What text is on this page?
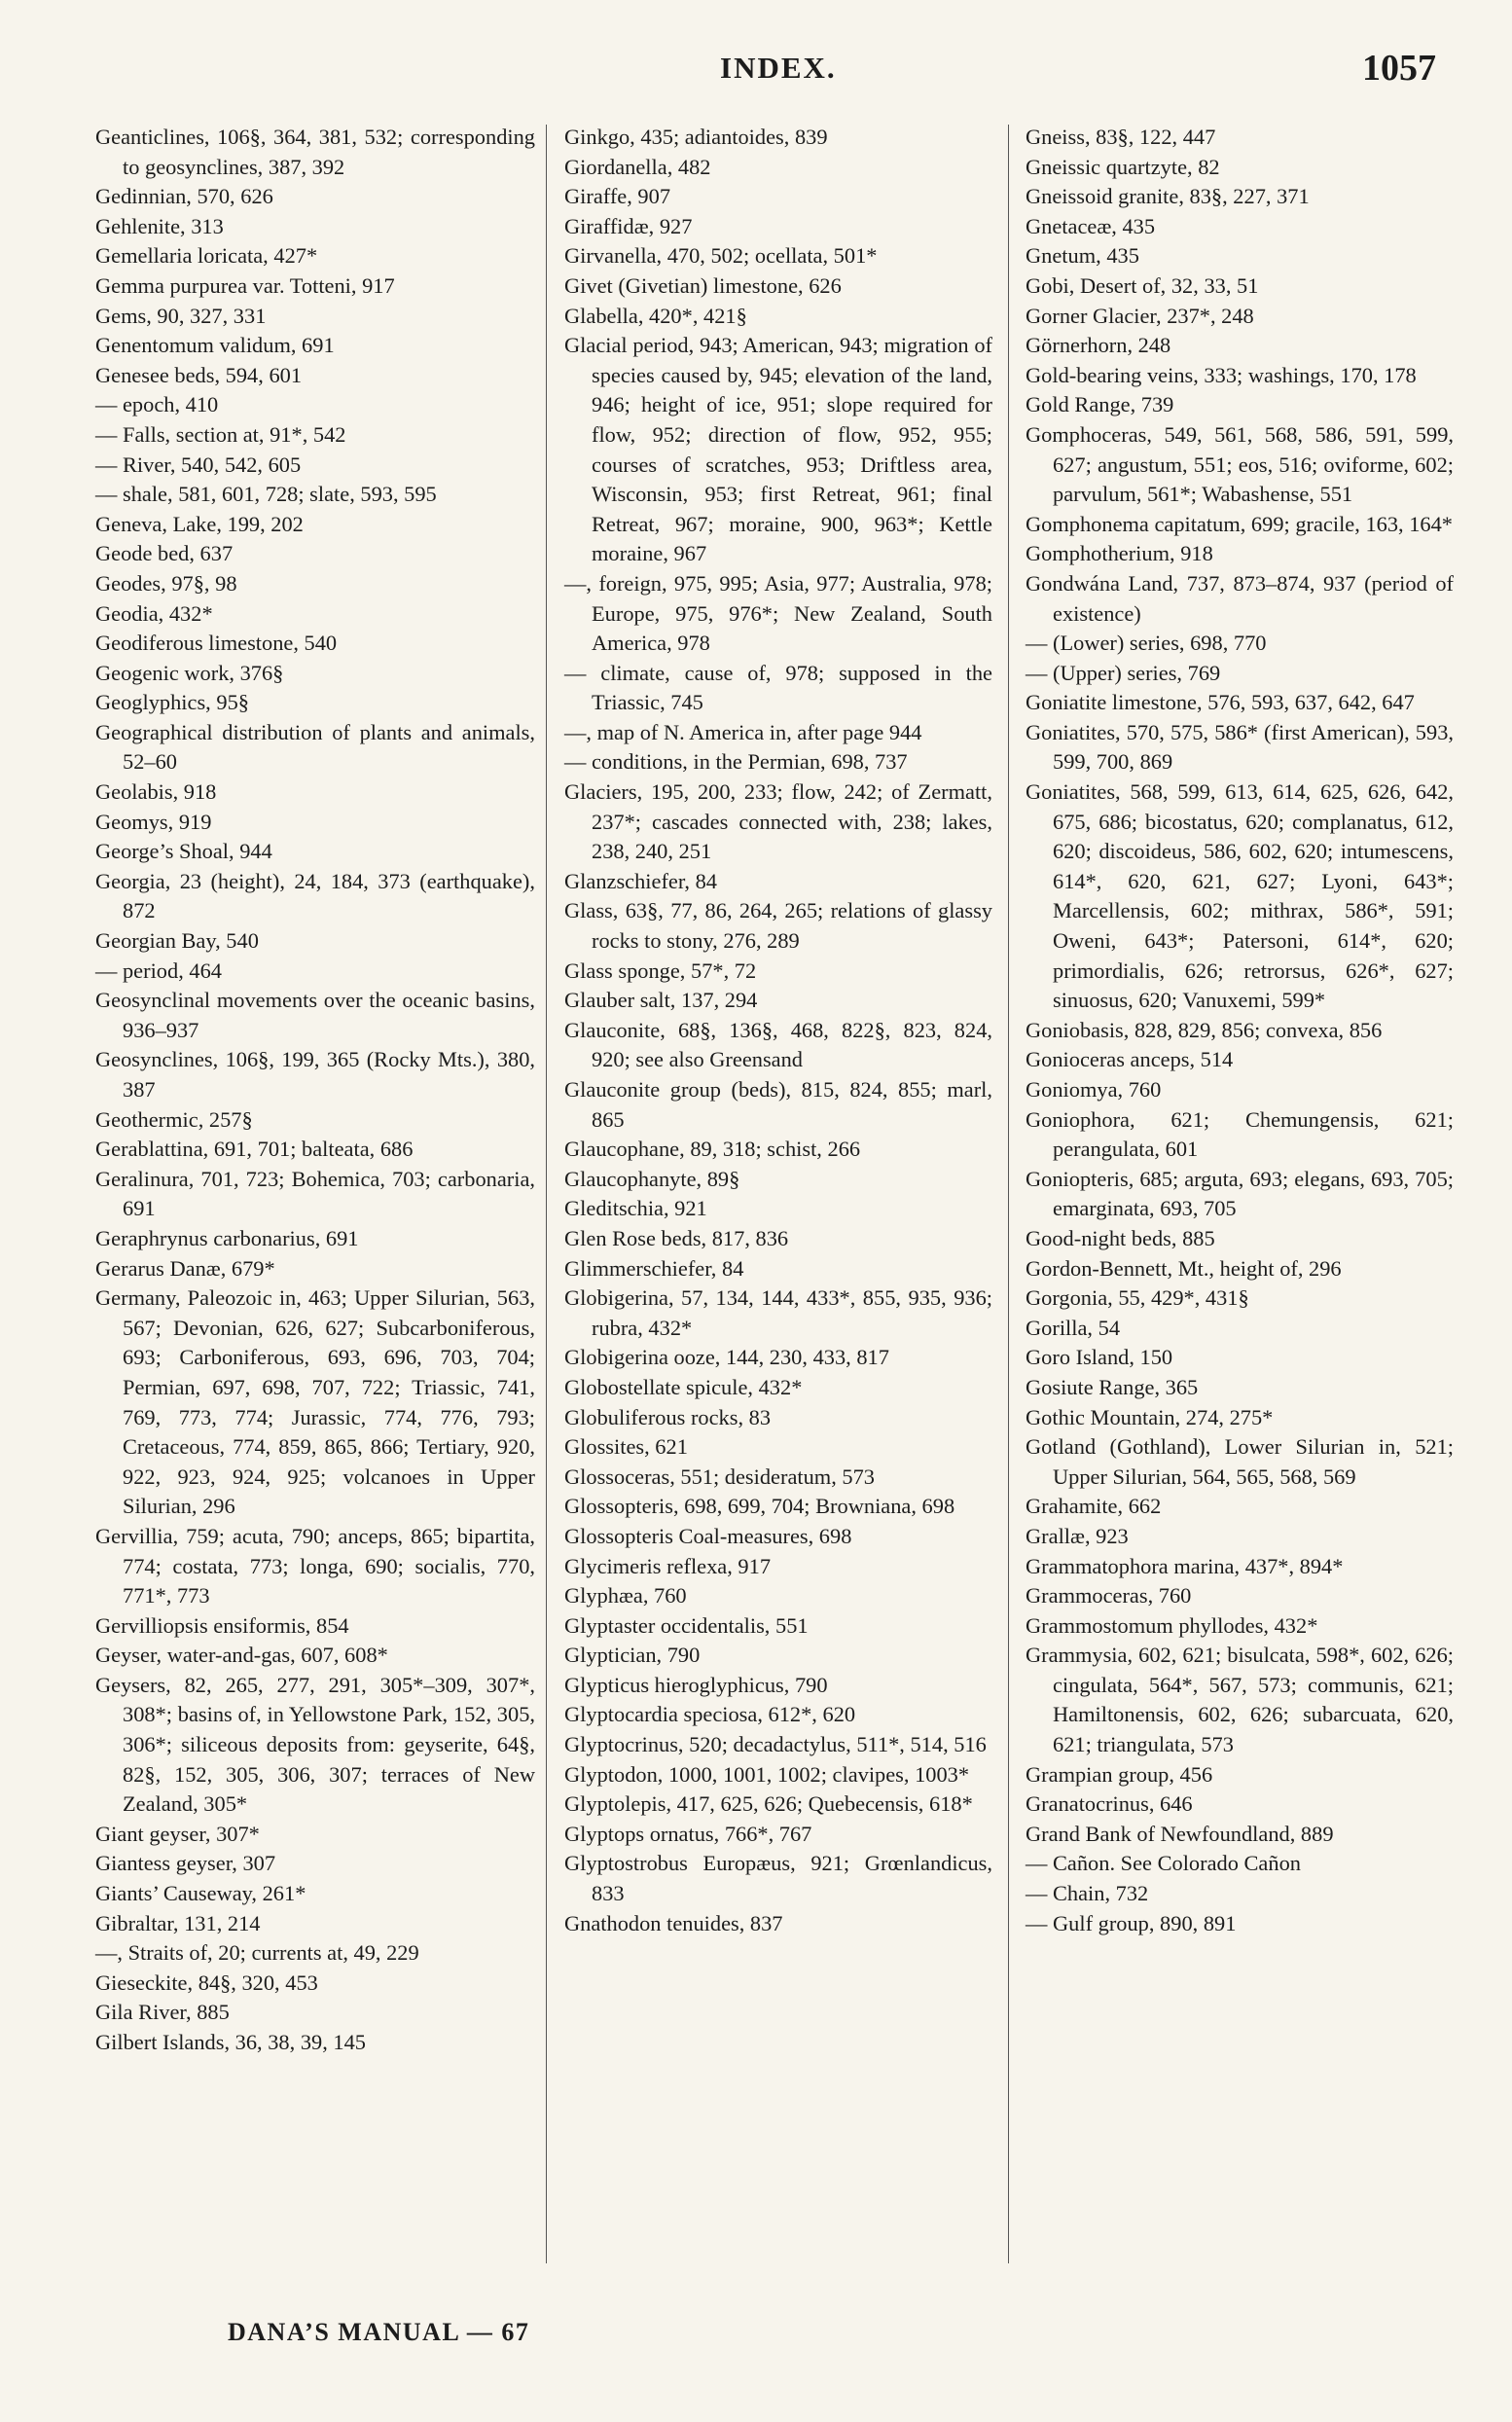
INDEX.	1057

Geanticlines, 106§, 364, 381, 532; corresponding to geosynclines, 387, 392

Gedinnian, 570, 626

Gehlenite, 313

Gemellaria loricata, 427*

Gemma purpurea var. Totteni, 917

Gems, 90, 327, 331

Genentomum validum, 691

Genesee beds, 594, 601

— epoch, 410

— Falls, section at, 91*, 542

— River, 540, 542, 605

— shale, 581, 601, 728; slate, 593, 595

Geneva, Lake, 199, 202

Geode bed, 637

Geodes, 97§, 98

Geodia, 432*

Geodiferous limestone, 540

Geogenic work, 376§

Geoglyphics, 95§

Geographical distribution of plants and animals, 52–60

Geolabis, 918

Geomys, 919

George’s Shoal, 944

Georgia, 23 (height), 24, 184, 373 (earthquake), 872

Georgian Bay, 540

— period, 464

Geosynclinal movements over the oceanic basins, 936–937

Geosynclines, 106§, 199, 365 (Rocky Mts.), 380, 387

Geothermic, 257§

Gerablattina, 691, 701; balteata, 686

Geralinura, 701, 723; Bohemica, 703; carbonaria, 691

Geraphrynus carbonarius, 691

Gerarus Danæ, 679*

Germany, Paleozoic in, 463; Upper Silurian, 563, 567; Devonian, 626, 627; Subcarboniferous, 693; Carboniferous, 693, 696, 703, 704; Permian, 697, 698, 707, 722; Triassic, 741, 769, 773, 774; Jurassic, 774, 776, 793; Cretaceous, 774, 859, 865, 866; Tertiary, 920, 922, 923, 924, 925; volcanoes in Upper Silurian, 296

Gervillia, 759; acuta, 790; anceps, 865; bipartita, 774; costata, 773; longa, 690; socialis, 770, 771*, 773

Gervilliopsis ensiformis, 854

Geyser, water-and-gas, 607, 608*

Geysers, 82, 265, 277, 291, 305*–309, 307*, 308*; basins of, in Yellowstone Park, 152, 305, 306*; siliceous deposits from: geyserite, 64§, 82§, 152, 305, 306, 307; terraces of New Zealand, 305*

Giant geyser, 307*

Giantess geyser, 307

Giants’ Causeway, 261*

Gibraltar, 131, 214

—, Straits of, 20; currents at, 49, 229

Gieseckite, 84§, 320, 453

Gila River, 885

Gilbert Islands, 36, 38, 39, 145

Ginkgo, 435; adiantoides, 839

Giordanella, 482

Giraffe, 907

Giraffidæ, 927

Girvanella, 470, 502; ocellata, 501*

Givet (Givetian) limestone, 626

Glabella, 420*, 421§

Glacial period, 943; American, 943; migration of species caused by, 945; elevation of the land, 946; height of ice, 951; slope required for flow, 952; direction of flow, 952, 955; courses of scratches, 953; Driftless area, Wisconsin, 953; first Retreat, 961; final Retreat, 967; moraine, 900, 963*; Kettle moraine, 967

—, foreign, 975, 995; Asia, 977; Australia, 978; Europe, 975, 976*; New Zealand, South America, 978

— climate, cause of, 978; supposed in the Triassic, 745

—, map of N. America in, after page 944

— conditions, in the Permian, 698, 737

Glaciers, 195, 200, 233; flow, 242; of Zermatt, 237*; cascades connected with, 238; lakes, 238, 240, 251

Glanzschiefer, 84

Glass, 63§, 77, 86, 264, 265; relations of glassy rocks to stony, 276, 289

Glass sponge, 57*, 72

Glauber salt, 137, 294

Glauconite, 68§, 136§, 468, 822§, 823, 824, 920; see also Greensand

Glauconite group (beds), 815, 824, 855; marl, 865

Glaucophane, 89, 318; schist, 266

Glaucophanyte, 89§

Gleditschia, 921

Glen Rose beds, 817, 836

Glimmerschiefer, 84

Globigerina, 57, 134, 144, 433*, 855, 935, 936; rubra, 432*

Globigerina ooze, 144, 230, 433, 817

Globostellate spicule, 432*

Globuliferous rocks, 83

Glossites, 621

Glossoceras, 551; desideratum, 573

Glossopteris, 698, 699, 704; Browniana, 698

Glossopteris Coal-measures, 698

Glycimeris reflexa, 917

Glyphæa, 760

Glyptaster occidentalis, 551

Glyptician, 790

Glypticus hieroglyphicus, 790

Glyptocardia speciosa, 612*, 620

Glyptocrinus, 520; decadactylus, 511*, 514, 516

Glyptodon, 1000, 1001, 1002; clavipes, 1003*

Glyptolepis, 417, 625, 626; Quebecensis, 618*

Glyptops ornatus, 766*, 767

Glyptostrobus Europæus, 921; Grœnlandicus, 833

Gnathodon tenuides, 837

Gneiss, 83§, 122, 447

Gneissic quartzyte, 82

Gneissoid granite, 83§, 227, 371

Gnetaceæ, 435

Gnetum, 435

Gobi, Desert of, 32, 33, 51

Gorner Glacier, 237*, 248

Görnerhorn, 248

Gold-bearing veins, 333; washings, 170, 178

Gold Range, 739

Gomphoceras, 549, 561, 568, 586, 591, 599, 627; angustum, 551; eos, 516; oviforme, 602; parvulum, 561*; Wabashense, 551

Gomphonema capitatum, 699; gracile, 163, 164*

Gomphotherium, 918

Gondwána Land, 737, 873–874, 937 (period of existence)

— (Lower) series, 698, 770

— (Upper) series, 769

Goniatite limestone, 576, 593, 637, 642, 647

Goniatites, 570, 575, 586* (first American), 593, 599, 700, 869

Goniatites, 568, 599, 613, 614, 625, 626, 642, 675, 686; bicostatus, 620; complanatus, 612, 620; discoideus, 586, 602, 620; intumescens, 614*, 620, 621, 627; Lyoni, 643*; Marcellensis, 602; mithrax, 586*, 591; Oweni, 643*; Patersoni, 614*, 620; primordialis, 626; retrorsus, 626*, 627; sinuosus, 620; Vanuxemi, 599*

Goniobasis, 828, 829, 856; convexa, 856

Gonioceras anceps, 514

Goniomya, 760

Goniophora, 621; Chemungensis, 621; perangulata, 601

Goniopteris, 685; arguta, 693; elegans, 693, 705; emarginata, 693, 705

Good-night beds, 885

Gordon-Bennett, Mt., height of, 296

Gorgonia, 55, 429*, 431§

Gorilla, 54

Goro Island, 150

Gosiute Range, 365

Gothic Mountain, 274, 275*

Gotland (Gothland), Lower Silurian in, 521; Upper Silurian, 564, 565, 568, 569

Grahamite, 662

Grallæ, 923

Grammatophora marina, 437*, 894*

Grammoceras, 760

Grammostomum phyllodes, 432*

Grammysia, 602, 621; bisulcata, 598*, 602, 626; cingulata, 564*, 567, 573; communis, 621; Hamiltonensis, 602, 626; subarcuata, 620, 621; triangulata, 573

Grampian group, 456

Granatocrinus, 646

Grand Bank of Newfoundland, 889

— Cañon. See Colorado Cañon

— Chain, 732

— Gulf group, 890, 891

DANA’S MANUAL — 67
